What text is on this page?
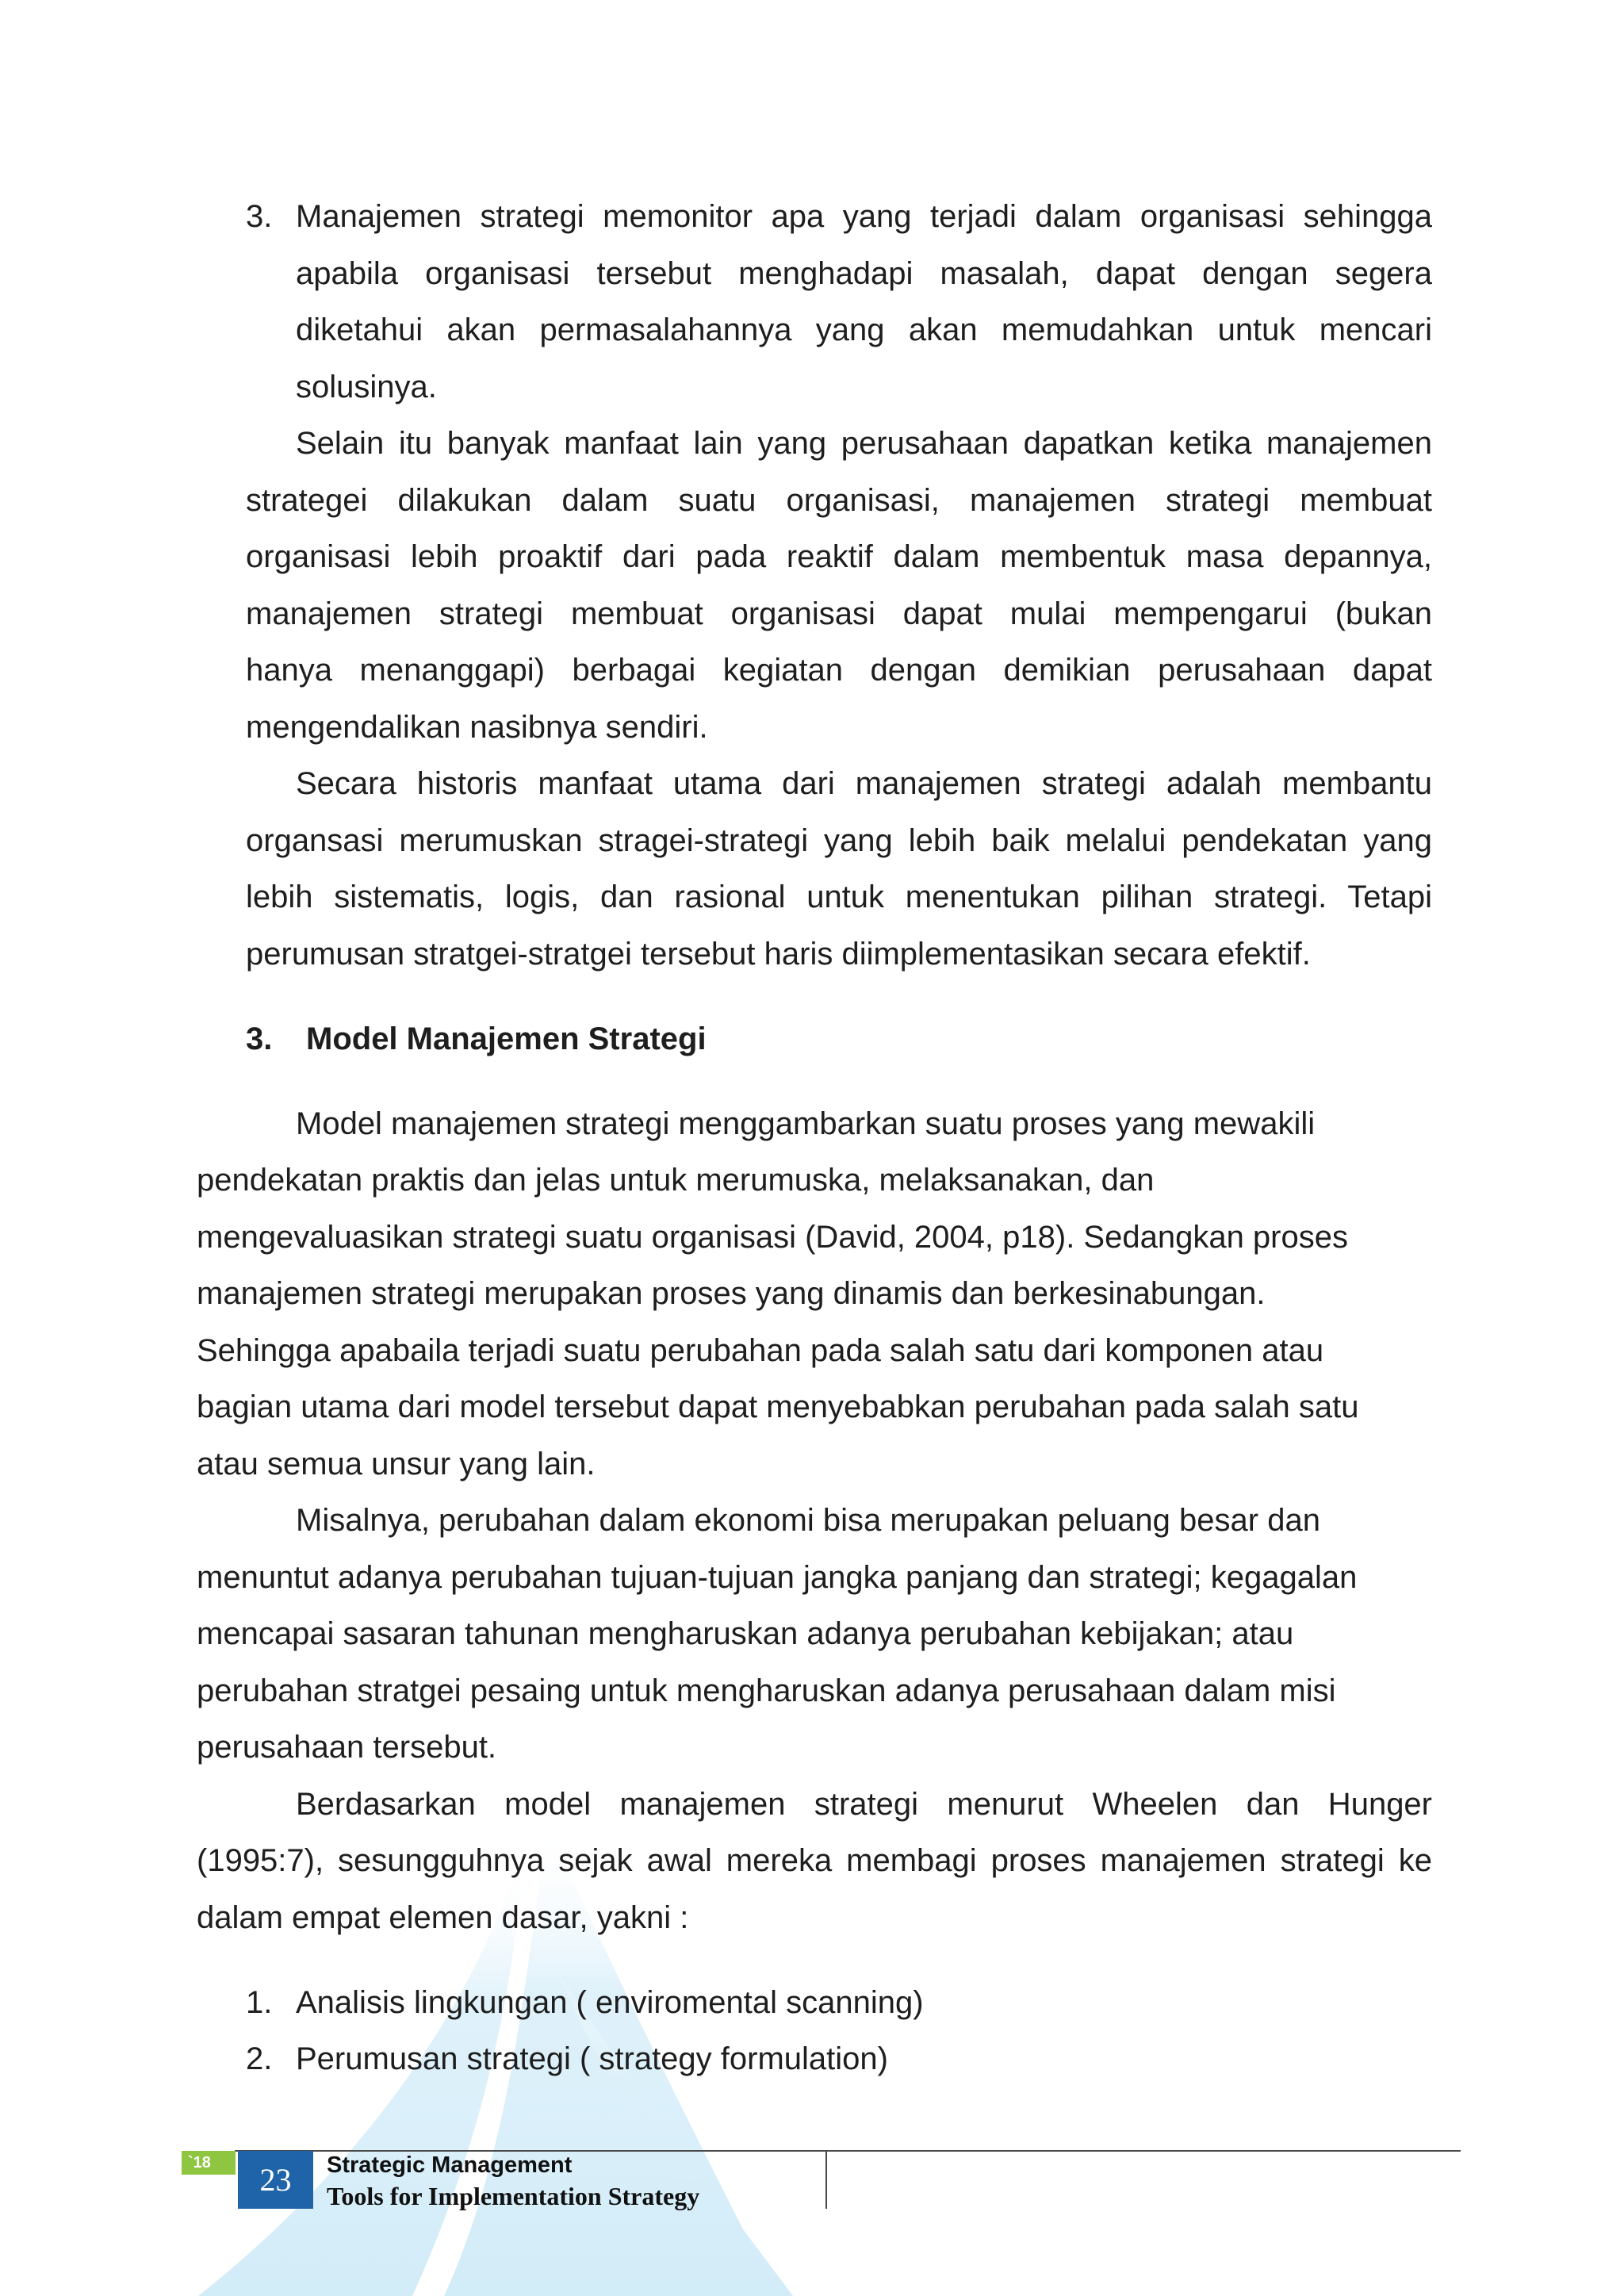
3. Manajemen strategi memonitor apa yang terjadi dalam organisasi sehingga
apabila organisasi tersebut menghadapi masalah, dapat dengan segera
diketahui akan permasalahannya yang akan memudahkan untuk mencari
solusinya.
Selain itu banyak manfaat lain yang perusahaan dapatkan ketika manajemen
strategei dilakukan dalam suatu organisasi, manajemen strategi membuat
organisasi lebih proaktif dari pada reaktif dalam membentuk masa depannya,
manajemen strategi membuat organisasi dapat mulai mempengarui (bukan
hanya menanggapi) berbagai kegiatan dengan demikian perusahaan dapat
mengendalikan nasibnya sendiri.
Secara historis manfaat utama dari manajemen strategi adalah membantu
organsasi merumuskan stragei-strategi yang lebih baik melalui pendekatan yang
lebih sistematis, logis, dan rasional untuk menentukan pilihan strategi. Tetapi
perumusan stratgei-stratgei tersebut haris diimplementasikan secara efektif.
3. Model Manajemen Strategi
Model manajemen strategi menggambarkan suatu proses yang mewakili
pendekatan praktis dan jelas untuk merumuska, melaksanakan, dan
mengevaluasikan strategi suatu organisasi (David, 2004, p18). Sedangkan proses
manajemen strategi merupakan proses yang dinamis dan berkesinabungan.
Sehingga apabaila terjadi suatu perubahan pada salah satu dari komponen atau
bagian utama dari model tersebut dapat menyebabkan perubahan pada salah satu
atau semua unsur yang lain.
Misalnya, perubahan dalam ekonomi bisa merupakan peluang besar dan
menuntut adanya perubahan tujuan-tujuan jangka panjang dan strategi; kegagalan
mencapai sasaran tahunan mengharuskan adanya perubahan kebijakan; atau
perubahan stratgei pesaing untuk mengharuskan adanya perusahaan dalam misi
perusahaan tersebut.
Berdasarkan model manajemen strategi menurut Wheelen dan Hunger
(1995:7), sesungguhnya sejak awal mereka membagi proses manajemen strategi ke
dalam empat elemen dasar, yakni :
1. Analisis lingkungan ( enviromental scanning)
2. Perumusan strategi ( strategy formulation)
`18	23	Strategic Management
Tools for Implementation Strategy
